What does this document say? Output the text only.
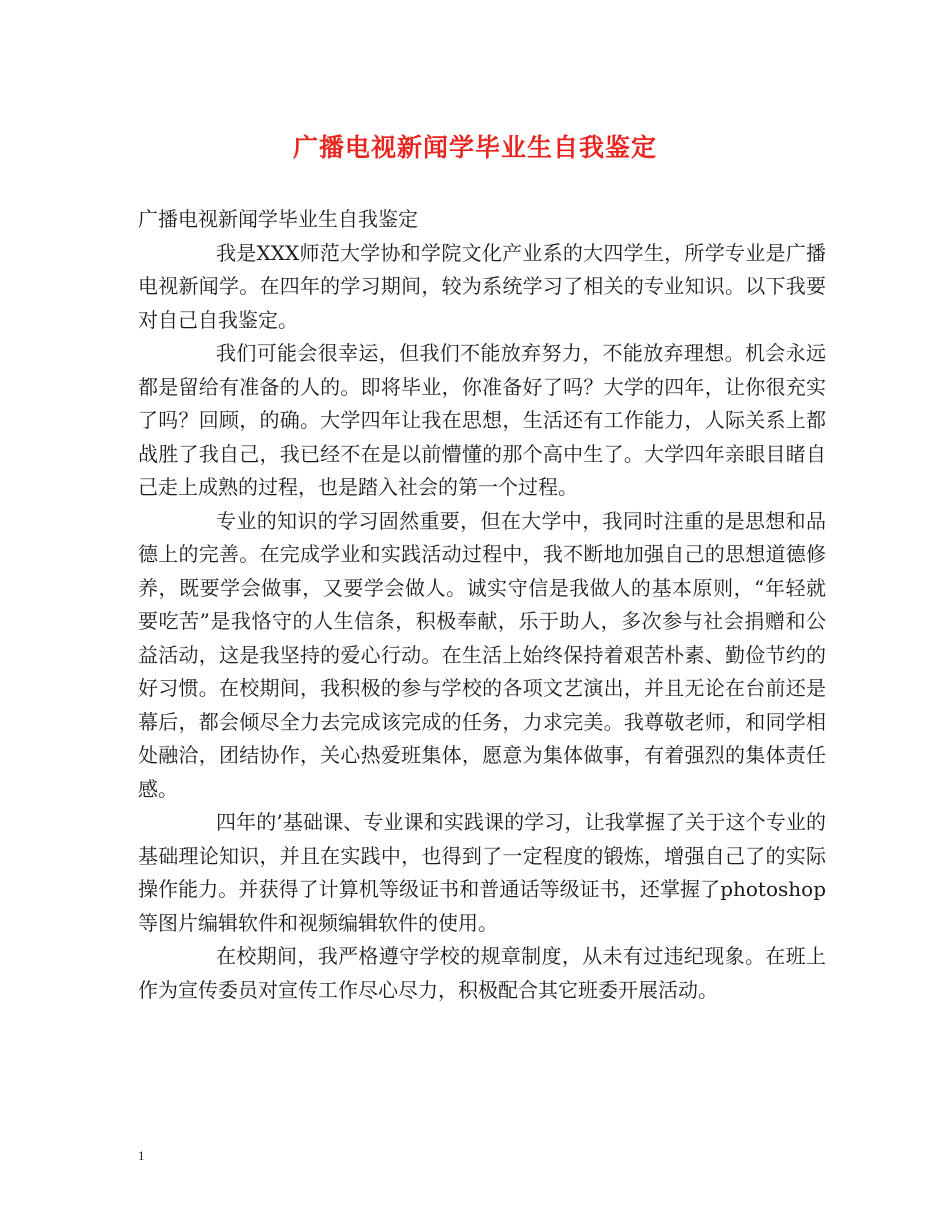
广播电视新闻学毕业生自我鉴定

广播电视新闻学毕业生自我鉴定

我是XXX师范大学协和学院文化产业系的大四学生，所学专业是广播电视新闻学。在四年的学习期间，较为系统学习了相关的专业知识。以下我要对自己自我鉴定。

我们可能会很幸运，但我们不能放弃努力，不能放弃理想。机会永远都是留给有准备的人的。即将毕业，你准备好了吗？大学的四年，让你很充实了吗？回顾，的确。大学四年让我在思想，生活还有工作能力，人际关系上都战胜了我自己，我已经不在是以前懵懂的那个高中生了。大学四年亲眼目睹自己走上成熟的过程，也是踏入社会的第一个过程。

专业的知识的学习固然重要，但在大学中，我同时注重的是思想和品德上的完善。在完成学业和实践活动过程中，我不断地加强自己的思想道德修养，既要学会做事，又要学会做人。诚实守信是我做人的基本原则，“年轻就要吃苦”是我恪守的人生信条，积极奉献，乐于助人，多次参与社会捐赠和公益活动，这是我坚持的爱心行动。在生活上始终保持着艰苦朴素、勤俭节约的好习惯。在校期间，我积极的参与学校的各项文艺演出，并且无论在台前还是幕后，都会倾尽全力去完成该完成的任务，力求完美。我尊敬老师，和同学相处融洽，团结协作，关心热爱班集体，愿意为集体做事，有着强烈的集体责任感。

四年的’基础课、专业课和实践课的学习，让我掌握了关于这个专业的基础理论知识，并且在实践中，也得到了一定程度的锻炼，增强自己了的实际操作能力。并获得了计算机等级证书和普通话等级证书，还掌握了photoshop等图片编辑软件和视频编辑软件的使用。

在校期间，我严格遵守学校的规章制度，从未有过违纪现象。在班上作为宣传委员对宣传工作尽心尽力，积极配合其它班委开展活动。

1
